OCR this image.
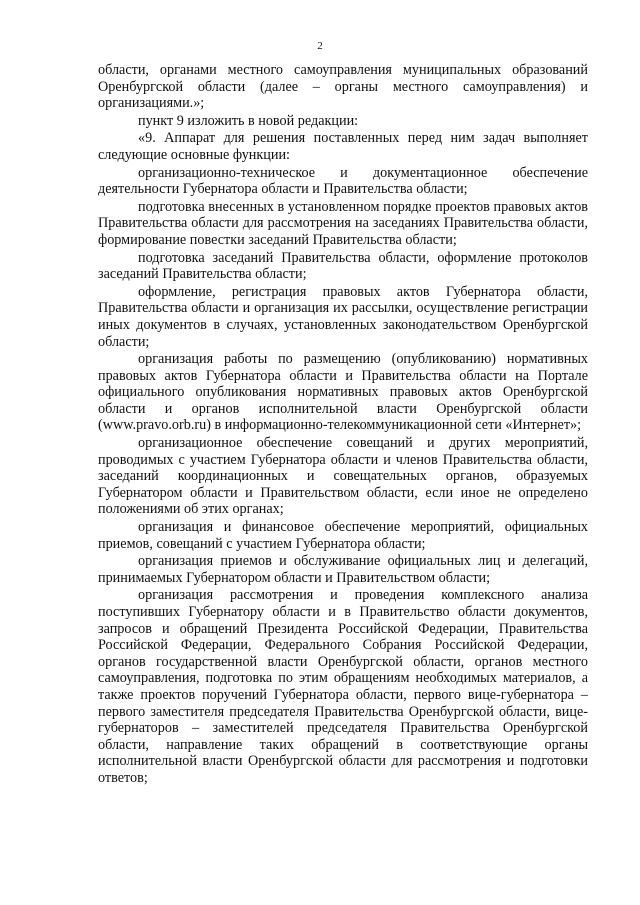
2

области, органами местного самоуправления муниципальных образований Оренбургской области (далее – органы местного самоуправления) и организациями.»;

пункт 9 изложить в новой редакции:

«9. Аппарат для решения поставленных перед ним задач выполняет следующие основные функции:

организационно-техническое и документационное обеспечение деятельности Губернатора области и Правительства области;

подготовка внесенных в установленном порядке проектов правовых актов Правительства области для рассмотрения на заседаниях Правительства области, формирование повестки заседаний Правительства области;

подготовка заседаний Правительства области, оформление протоколов заседаний Правительства области;

оформление, регистрация правовых актов Губернатора области, Правительства области и организация их рассылки, осуществление регистрации иных документов в случаях, установленных законодательством Оренбургской области;

организация работы по размещению (опубликованию) нормативных правовых актов Губернатора области и Правительства области на Портале официального опубликования нормативных правовых актов Оренбургской области и органов исполнительной власти Оренбургской области (www.pravo.orb.ru) в информационно-телекоммуникационной сети «Интернет»;

организационное обеспечение совещаний и других мероприятий, проводимых с участием Губернатора области и членов Правительства области, заседаний координационных и совещательных органов, образуемых Губернатором области и Правительством области, если иное не определено положениями об этих органах;

организация и финансовое обеспечение мероприятий, официальных приемов, совещаний с участием Губернатора области;

организация приемов и обслуживание официальных лиц и делегаций, принимаемых Губернатором области и Правительством области;

организация рассмотрения и проведения комплексного анализа поступивших Губернатору области и в Правительство области документов, запросов и обращений Президента Российской Федерации, Правительства Российской Федерации, Федерального Собрания Российской Федерации, органов государственной власти Оренбургской области, органов местного самоуправления, подготовка по этим обращениям необходимых материалов, а также проектов поручений Губернатора области, первого вице-губернатора – первого заместителя председателя Правительства Оренбургской области, вице-губернаторов – заместителей председателя Правительства Оренбургской области, направление таких обращений в соответствующие органы исполнительной власти Оренбургской области для рассмотрения и подготовки ответов;
